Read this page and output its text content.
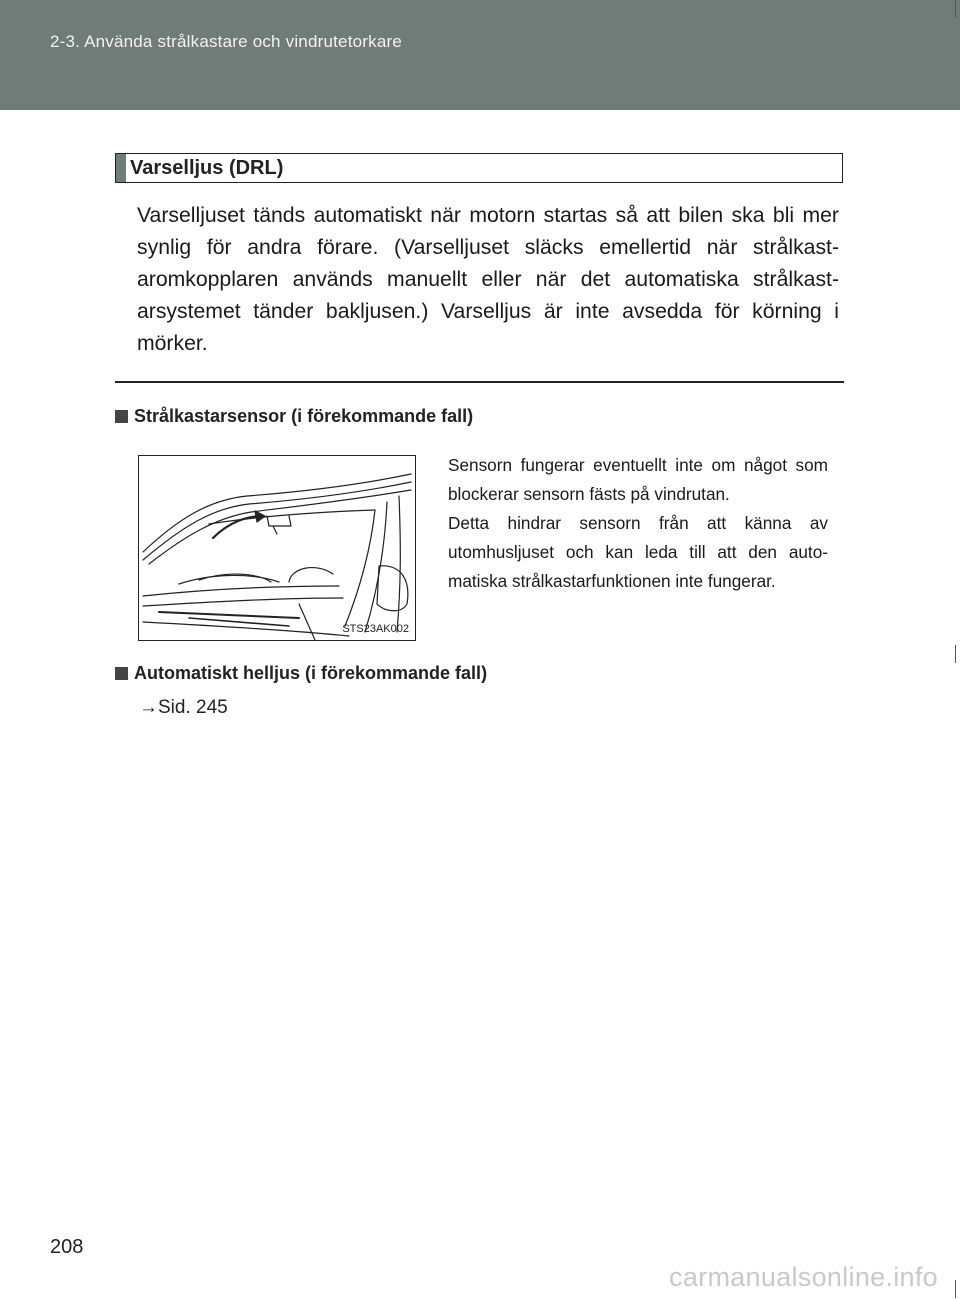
2-3. Använda strålkastare och vindrutetorkare
Varselljus (DRL)

Varselljuset tänds automatiskt när motorn startas så att bilen ska bli mer synlig för andra förare. (Varselljuset släcks emellertid när strålkast-aromkopplaren används manuellt eller när det automatiska strålkast-arsystemet tänder bakljusen.) Varselljus är inte avsedda för körning i mörker.

Strålkastarsensor (i förekommande fall)
STS23AK002

Sensorn fungerar eventuellt inte om något som blockerar sensorn fästs på vindrutan.

Detta hindrar sensorn från att känna av utomhusljuset och kan leda till att den auto-matiska strålkastarfunktionen inte fungerar.

Automatiskt helljus (i förekommande fall)
→Sid. 245
208
carmanualsonline.info
